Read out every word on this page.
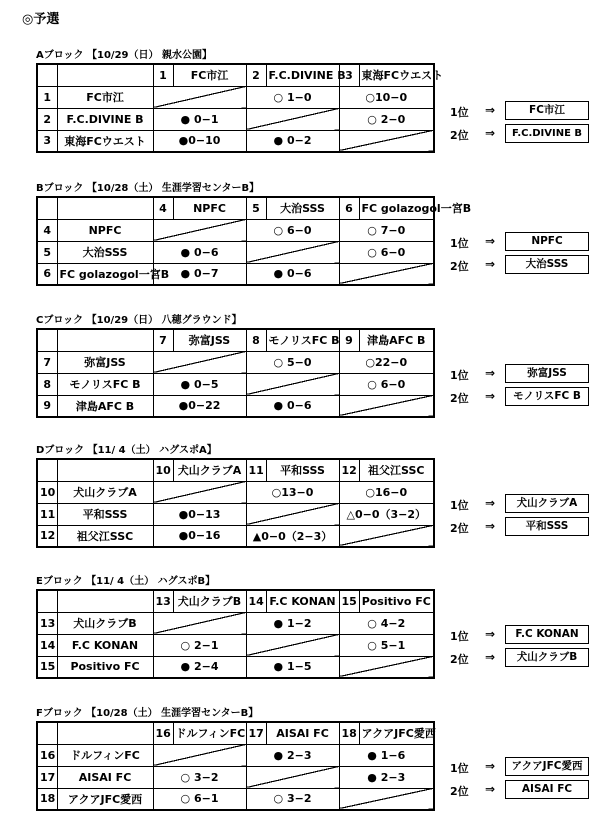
◎予選
Aブロック 【10/29（日） 親水公園】
		1	FC市江	2	F.C.DIVINE B	3	東海FCウエスト
1	FC市江			○ 1−0		○10−0	
2	F.C.DIVINE B	● 0−1				○ 2−0	
3	東海FCウエスト	●0−10		● 0−2			
1位 ⇒	FC市江
2位 ⇒	F.C.DIVINE B
Bブロック 【10/28（土） 生涯学習センターB】
		4	NPFC	5	大治SSS	6	FC golazogol一宮B
4	NPFC			○ 6−0		○ 7−0	
5	大治SSS	● 0−6				○ 6−0	
6	FC golazogol一宮B	● 0−7		● 0−6			
1位 ⇒	NPFC
2位 ⇒	大治SSS
Cブロック 【10/29（日） 八穂グラウンド】
		7	弥富JSS	8	モノリスFC B	9	津島AFC B
7	弥富JSS			○ 5−0		○22−0	
8	モノリスFC B	● 0−5				○ 6−0	
9	津島AFC B	●0−22		● 0−6			
1位 ⇒	弥富JSS
2位 ⇒	モノリスFC B
Dブロック 【11/ 4（土） ハグスポA】
		10	犬山クラブA	11	平和SSS	12	祖父江SSC
10	犬山クラブA			○13−0		○16−0	
11	平和SSS	●0−13				△0−0（3−2）	
12	祖父江SSC	●0−16		▲0−0（2−3）			
1位 ⇒	犬山クラブA
2位 ⇒	平和SSS
Eブロック 【11/ 4（土） ハグスポB】
		13	犬山クラブB	14	F.C KONAN	15	Positivo FC
13	犬山クラブB			● 1−2		○ 4−2	
14	F.C KONAN	○ 2−1				○ 5−1	
15	Positivo FC	● 2−4		● 1−5			
1位 ⇒	F.C KONAN
2位 ⇒	犬山クラブB
Fブロック 【10/28（土） 生涯学習センターB】
		16	ドルフィンFC	17	AISAI FC	18	アクアJFC愛西
16	ドルフィンFC			● 2−3		● 1−6	
17	AISAI FC	○ 3−2				● 2−3	
18	アクアJFC愛西	○ 6−1		○ 3−2			
1位 ⇒	アクアJFC愛西
2位 ⇒	AISAI FC
